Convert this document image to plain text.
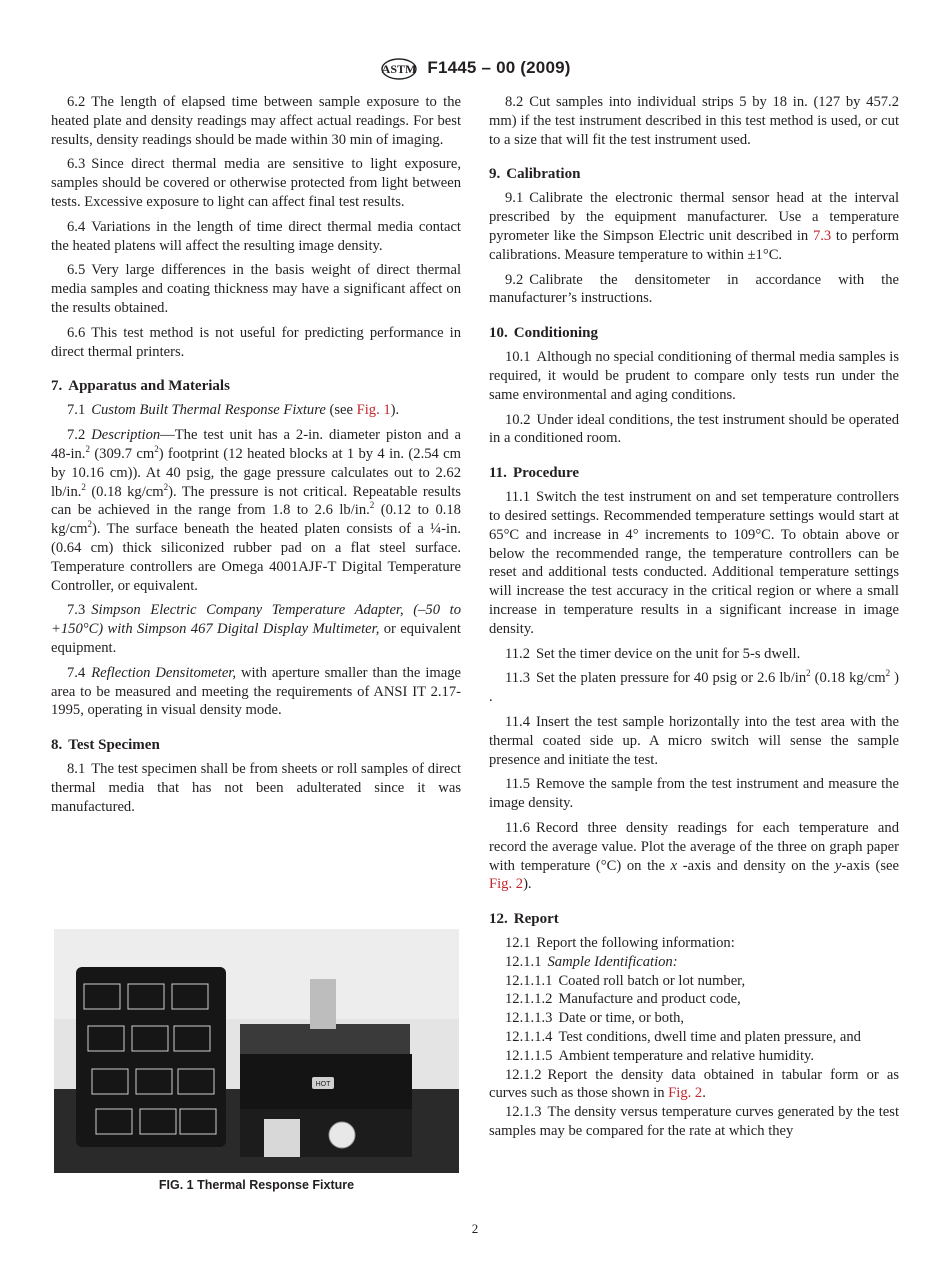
ASTM F1445 – 00 (2009)

6.2 The length of elapsed time between sample exposure to the heated plate and density readings may affect actual readings. For best results, density readings should be made within 30 min of imaging.

6.3 Since direct thermal media are sensitive to light exposure, samples should be covered or otherwise protected from light between tests. Excessive exposure to light can affect final test results.

6.4 Variations in the length of time direct thermal media contact the heated platens will affect the resulting image density.

6.5 Very large differences in the basis weight of direct thermal media samples and coating thickness may have a significant affect on the results obtained.

6.6 This test method is not useful for predicting performance in direct thermal printers.

7. Apparatus and Materials

7.1 Custom Built Thermal Response Fixture (see Fig. 1).

7.2 Description—The test unit has a 2-in. diameter piston and a 48-in.$^2$ (309.7 $cm^2$) footprint (12 heated blocks at 1 by 4 in. (2.54 cm by 10.16 cm)). At 40 psig, the gage pressure calculates out to 2.62 lb/in.$^2$ (0.18 $kg/cm^2$). The pressure is not critical. Repeatable results can be achieved in the range from 1.8 to 2.6 lb/in.$^2$ (0.12 to 0.18 $kg/cm^2$). The surface beneath the heated platen consists of a ¼-in. (0.64 cm) thick siliconized rubber pad on a flat steel surface. Temperature controllers are Omega 4001AJF-T Digital Temperature Controller, or equivalent.

7.3 Simpson Electric Company Temperature Adapter, (–50 to +150°C) with Simpson 467 Digital Display Multimeter, or equivalent equipment.

7.4 Reflection Densitometer, with aperture smaller than the image area to be measured and meeting the requirements of ANSI IT 2.17-1995, operating in visual density mode.

8. Test Specimen

8.1 The test specimen shall be from sheets or roll samples of direct thermal media that has not been adulterated since it was manufactured.

HOT
FIG. 1 Thermal Response Fixture

8.2 Cut samples into individual strips 5 by 18 in. (127 by 457.2 mm) if the test instrument described in this test method is used, or cut to a size that will fit the test instrument used.

9. Calibration

9.1 Calibrate the electronic thermal sensor head at the interval prescribed by the equipment manufacturer. Use a temperature pyrometer like the Simpson Electric unit described in 7.3 to perform calibrations. Measure temperature to within ±1°C.

9.2 Calibrate the densitometer in accordance with the manufacturer’s instructions.

10. Conditioning

10.1 Although no special conditioning of thermal media samples is required, it would be prudent to compare only tests run under the same environmental and aging conditions.

10.2 Under ideal conditions, the test instrument should be operated in a conditioned room.

11. Procedure

11.1 Switch the test instrument on and set temperature controllers to desired settings. Recommended temperature settings would start at 65°C and increase in 4° increments to 109°C. To obtain above or below the recommended range, the temperature controllers can be reset and additional tests conducted. Additional temperature settings will increase the test accuracy in the critical region or where a small increase in temperature results in a significant increase in image density.

11.2 Set the timer device on the unit for 5-s dwell.

11.3 Set the platen pressure for 40 psig or 2.6 $lb/in^2$ (0.18 $kg/cm^2$ ) .

11.4 Insert the test sample horizontally into the test area with the thermal coated side up. A micro switch will sense the sample presence and initiate the test.

11.5 Remove the sample from the test instrument and measure the image density.

11.6 Record three density readings for each temperature and record the average value. Plot the average of the three on graph paper with temperature (°C) on the x -axis and density on the y-axis (see Fig. 2).

12. Report

12.1 Report the following information:

12.1.1 Sample Identification:

12.1.1.1 Coated roll batch or lot number,

12.1.1.2 Manufacture and product code,

12.1.1.3 Date or time, or both,

12.1.1.4 Test conditions, dwell time and platen pressure, and

12.1.1.5 Ambient temperature and relative humidity.

12.1.2 Report the density data obtained in tabular form or as curves such as those shown in Fig. 2.

12.1.3 The density versus temperature curves generated by the test samples may be compared for the rate at which they

2
